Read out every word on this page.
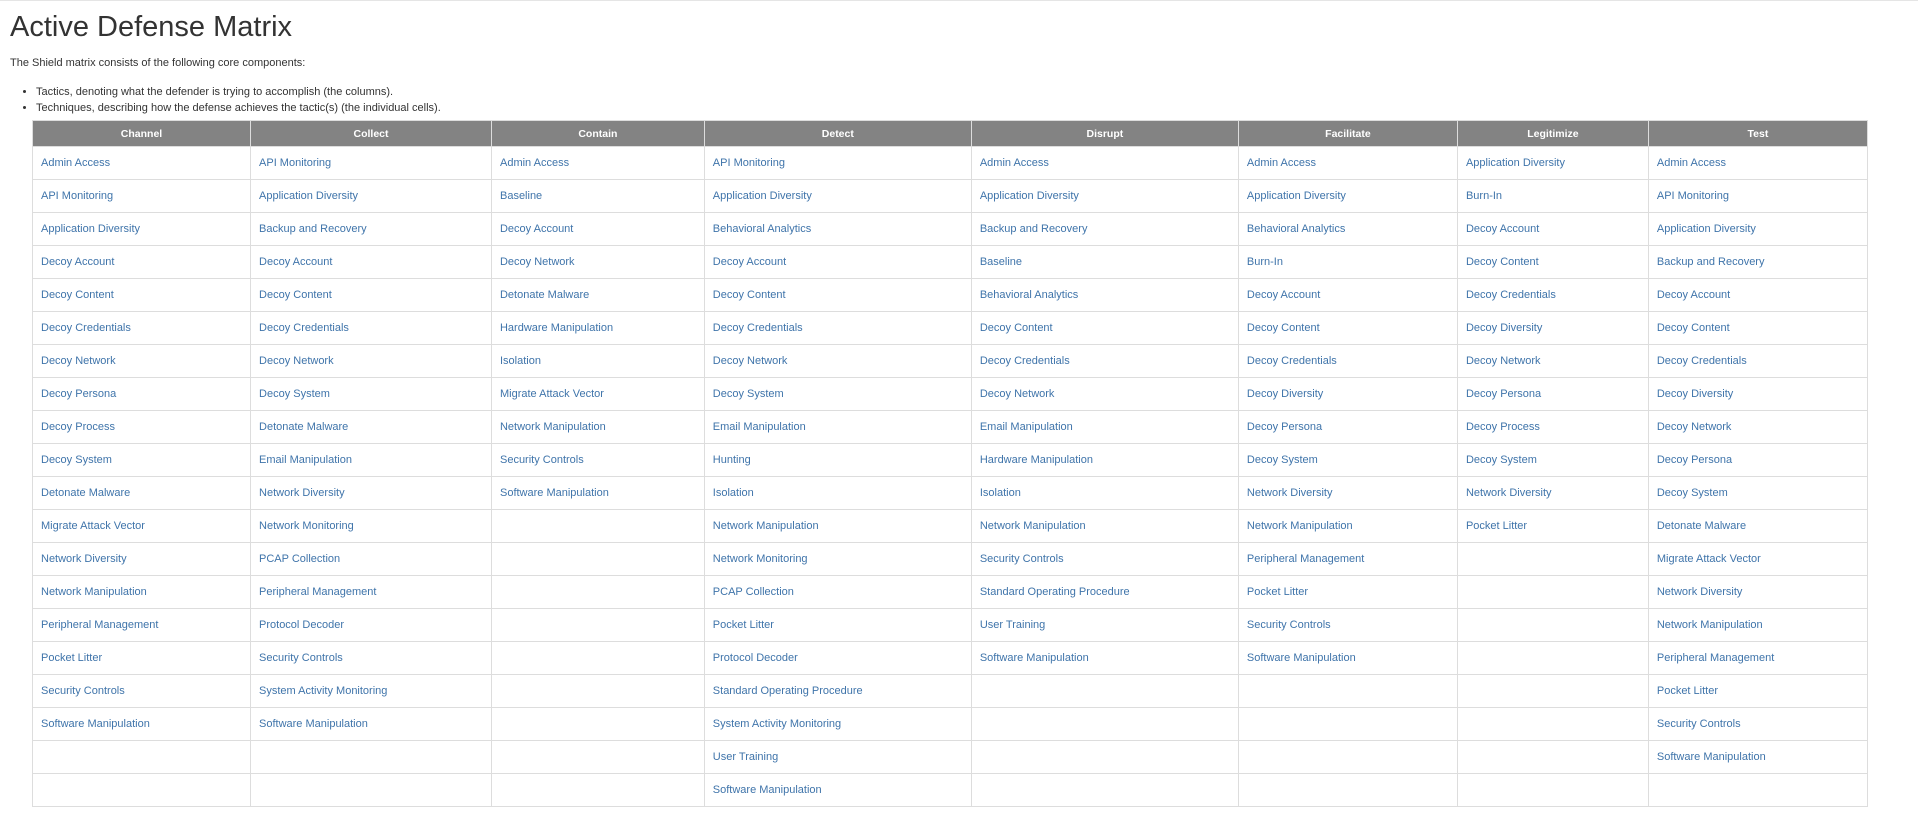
Active Defense Matrix

The Shield matrix consists of the following core components:

• Tactics, denoting what the defender is trying to accomplish (the columns).
• Techniques, describing how the defense achieves the tactic(s) (the individual cells).
Channel	Collect	Contain	Detect	Disrupt	Facilitate	Legitimize	Test
Admin Access	API Monitoring	Admin Access	API Monitoring	Admin Access	Admin Access	Application Diversity	Admin Access
API Monitoring	Application Diversity	Baseline	Application Diversity	Application Diversity	Application Diversity	Burn-In	API Monitoring
Application Diversity	Backup and Recovery	Decoy Account	Behavioral Analytics	Backup and Recovery	Behavioral Analytics	Decoy Account	Application Diversity
Decoy Account	Decoy Account	Decoy Network	Decoy Account	Baseline	Burn-In	Decoy Content	Backup and Recovery
Decoy Content	Decoy Content	Detonate Malware	Decoy Content	Behavioral Analytics	Decoy Account	Decoy Credentials	Decoy Account
Decoy Credentials	Decoy Credentials	Hardware Manipulation	Decoy Credentials	Decoy Content	Decoy Content	Decoy Diversity	Decoy Content
Decoy Network	Decoy Network	Isolation	Decoy Network	Decoy Credentials	Decoy Credentials	Decoy Network	Decoy Credentials
Decoy Persona	Decoy System	Migrate Attack Vector	Decoy System	Decoy Network	Decoy Diversity	Decoy Persona	Decoy Diversity
Decoy Process	Detonate Malware	Network Manipulation	Email Manipulation	Email Manipulation	Decoy Persona	Decoy Process	Decoy Network
Decoy System	Email Manipulation	Security Controls	Hunting	Hardware Manipulation	Decoy System	Decoy System	Decoy Persona
Detonate Malware	Network Diversity	Software Manipulation	Isolation	Isolation	Network Diversity	Network Diversity	Decoy System
Migrate Attack Vector	Network Monitoring		Network Manipulation	Network Manipulation	Network Manipulation	Pocket Litter	Detonate Malware
Network Diversity	PCAP Collection		Network Monitoring	Security Controls	Peripheral Management		Migrate Attack Vector
Network Manipulation	Peripheral Management		PCAP Collection	Standard Operating Procedure	Pocket Litter		Network Diversity
Peripheral Management	Protocol Decoder		Pocket Litter	User Training	Security Controls		Network Manipulation
Pocket Litter	Security Controls		Protocol Decoder	Software Manipulation	Software Manipulation		Peripheral Management
Security Controls	System Activity Monitoring		Standard Operating Procedure				Pocket Litter
Software Manipulation	Software Manipulation		System Activity Monitoring				Security Controls
			User Training				Software Manipulation
			Software Manipulation				
